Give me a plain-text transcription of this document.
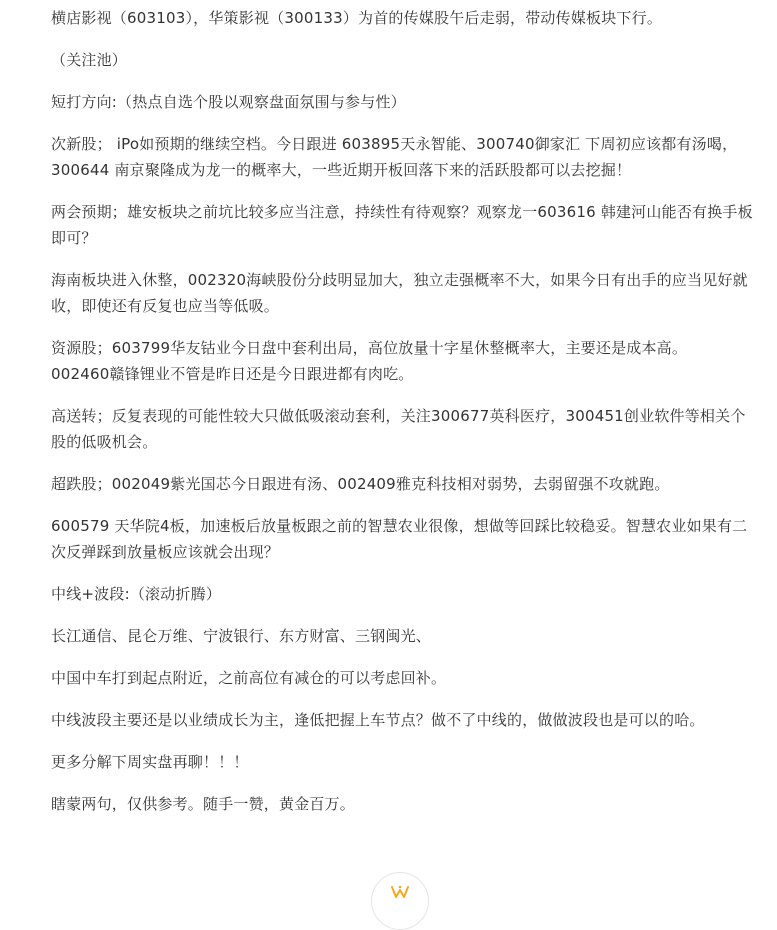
横店影视（603103），华策影视（300133）为首的传媒股午后走弱，带动传媒板块下行。

（关注池）

短打方向:（热点自选个股以观察盘面氛围与参与性）

次新股； iPo如预期的继续空档。今日跟进 603895天永智能、300740御家汇 下周初应该都有汤喝，300644 南京聚隆成为龙一的概率大，一些近期开板回落下来的活跃股都可以去挖掘！

两会预期；雄安板块之前坑比较多应当注意，持续性有待观察？观察龙一603616 韩建河山能否有换手板即可？

海南板块进入休整，002320海峡股份分歧明显加大，独立走强概率不大，如果今日有出手的应当见好就收，即使还有反复也应当等低吸。

资源股；603799华友钴业今日盘中套利出局，高位放量十字星休整概率大，主要还是成本高。002460赣锋锂业不管是昨日还是今日跟进都有肉吃。

高送转；反复表现的可能性较大只做低吸滚动套利，关注300677英科医疗，300451创业软件等相关个股的低吸机会。

超跌股；002049紫光国芯今日跟进有汤、002409雅克科技相对弱势，去弱留强不攻就跑。

600579 天华院4板，加速板后放量板跟之前的智慧农业很像，想做等回踩比较稳妥。智慧农业如果有二次反弹踩到放量板应该就会出现？

中线+波段:（滚动折腾）

长江通信、昆仑万维、宁波银行、东方财富、三钢闽光、

中国中车打到起点附近，之前高位有减仓的可以考虑回补。

中线波段主要还是以业绩成长为主，逢低把握上车节点？做不了中线的，做做波段也是可以的哈。

更多分解下周实盘再聊！！！

瞎蒙两句，仅供参考。随手一赞，黄金百万。
